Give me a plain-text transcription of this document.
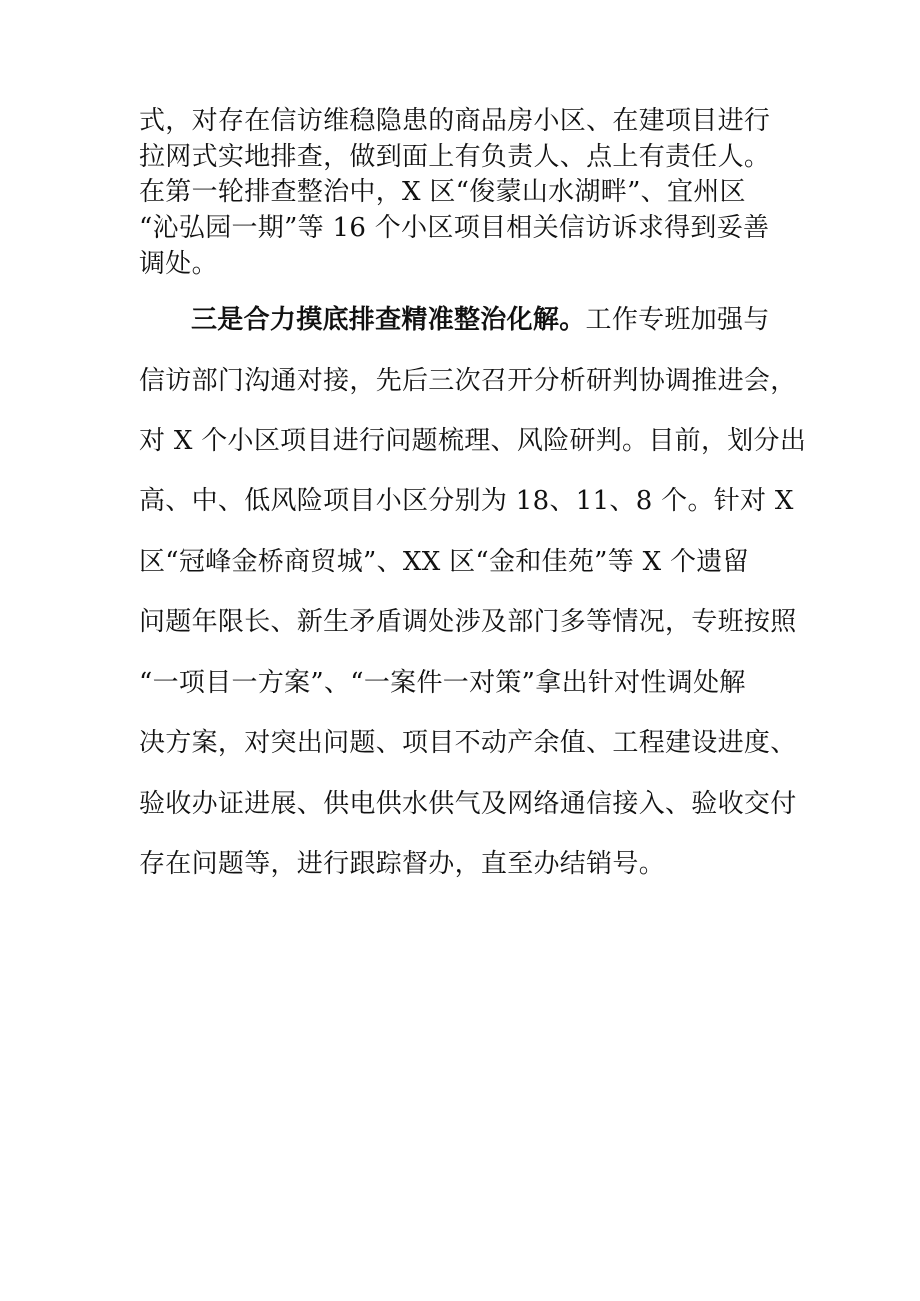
式，对存在信访维稳隐患的商品房小区、在建项目进行
拉网式实地排查，做到面上有负责人、点上有责任人。
在第一轮排查整治中，X 区“俊蒙山水湖畔”、宜州区
“沁弘园一期”等 16 个小区项目相关信访诉求得到妥善
调处。
三是合力摸底排查精准整治化解。工作专班加强与
信访部门沟通对接，先后三次召开分析研判协调推进会，
对 X 个小区项目进行问题梳理、风险研判。目前，划分出
高、中、低风险项目小区分别为 18、11、8 个。针对 X
区“冠峰金桥商贸城”、XX 区“金和佳苑”等 X 个遗留
问题年限长、新生矛盾调处涉及部门多等情况，专班按照
“一项目一方案”、“一案件一对策”拿出针对性调处解
决方案，对突出问题、项目不动产余值、工程建设进度、
验收办证进展、供电供水供气及网络通信接入、验收交付
存在问题等，进行跟踪督办，直至办结销号。
